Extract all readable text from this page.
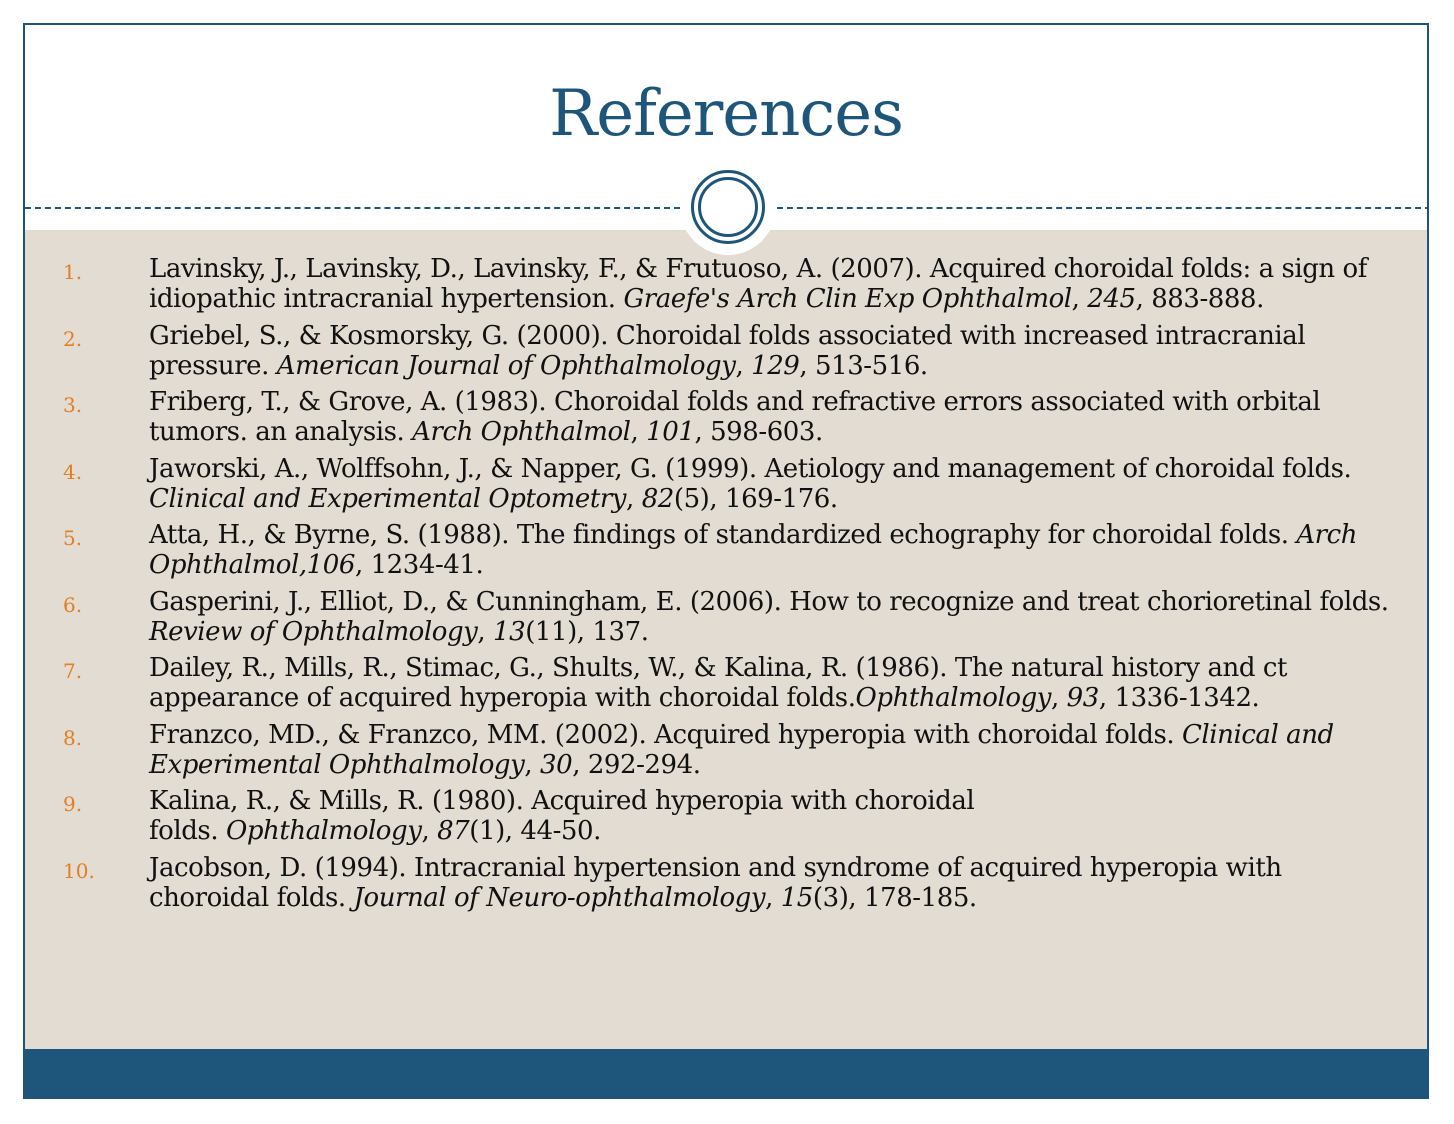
References
1.	Lavinsky, J., Lavinsky, D., Lavinsky, F., & Frutuoso, A. (2007). Acquired choroidal folds: a sign of idiopathic intracranial hypertension. Graefe's Arch Clin Exp Ophthalmol, 245, 883-888.
2.	Griebel, S., & Kosmorsky, G. (2000). Choroidal folds associated with increased intracranial pressure. American Journal of Ophthalmology, 129, 513-516.
3.	Friberg, T., & Grove, A. (1983). Choroidal folds and refractive errors associated with orbital tumors. an analysis. Arch Ophthalmol, 101, 598-603.
4.	Jaworski, A., Wolffsohn, J., & Napper, G. (1999). Aetiology and management of choroidal folds. Clinical and Experimental Optometry, 82(5), 169-176.
5.	Atta, H., & Byrne, S. (1988). The findings of standardized echography for choroidal folds. Arch Ophthalmol,106, 1234-41.
6.	Gasperini, J., Elliot, D., & Cunningham, E. (2006). How to recognize and treat chorioretinal folds. Review of Ophthalmology, 13(11), 137.
7.	Dailey, R., Mills, R., Stimac, G., Shults, W., & Kalina, R. (1986). The natural history and ct appearance of acquired hyperopia with choroidal folds.Ophthalmology, 93, 1336-1342.
8.	Franzco, MD., & Franzco, MM. (2002). Acquired hyperopia with choroidal folds. Clinical and Experimental Ophthalmology, 30, 292-294.
9.	Kalina, R., & Mills, R. (1980). Acquired hyperopia with choroidal
folds. Ophthalmology, 87(1), 44-50.
10. Jacobson, D. (1994). Intracranial hypertension and syndrome of acquired hyperopia with choroidal folds. Journal of Neuro-ophthalmology, 15(3), 178-185.
